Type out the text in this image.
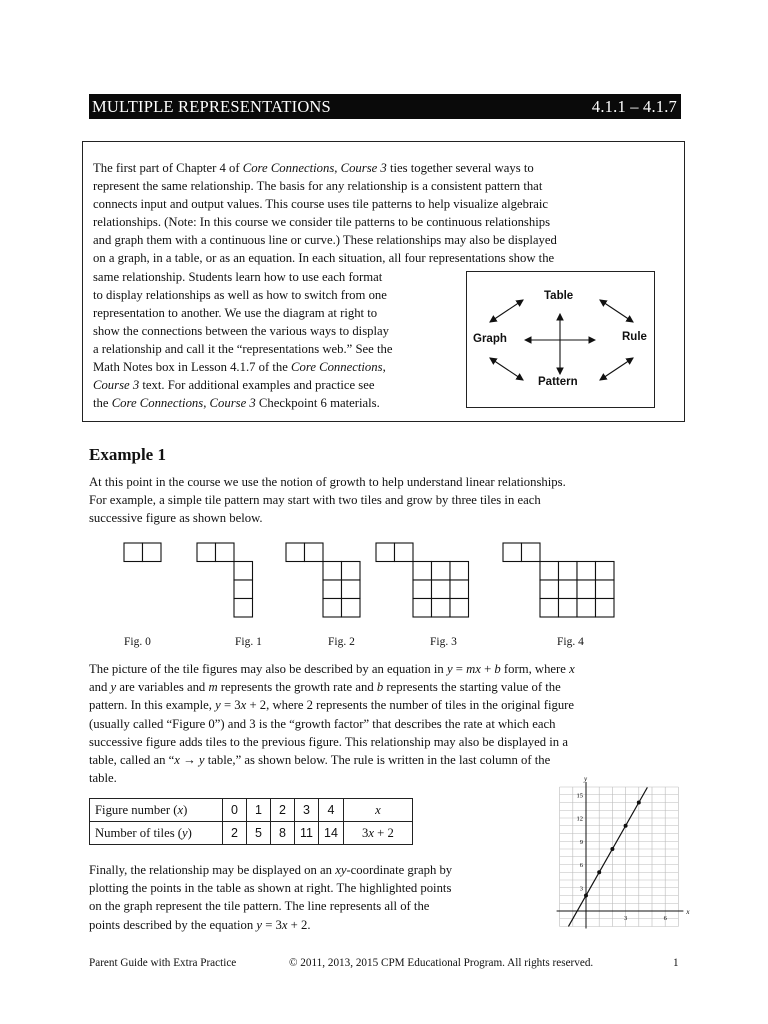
MULTIPLE REPRESENTATIONS	4.1.1 – 4.1.7

The first part of Chapter 4 of Core Connections, Course 3 ties together several ways to
represent the same relationship. The basis for any relationship is a consistent pattern that
connects input and output values. This course uses tile patterns to help visualize algebraic
relationships. (Note: In this course we consider tile patterns to be continuous relationships
and graph them with a continuous line or curve.) These relationships may also be displayed
on a graph, in a table, or as an equation. In each situation, all four representations show the
same relationship. Students learn how to use each format
to display relationships as well as how to switch from one
representation to another. We use the diagram at right to
show the connections between the various ways to display
a relationship and call it the “representations web.” See the
Math Notes box in Lesson 4.1.7 of the Core Connections,
Course 3 text. For additional examples and practice see
the Core Connections, Course 3 Checkpoint 6 materials.

Table
Graph	Rule
Pattern
Example 1

At this point in the course we use the notion of growth to help understand linear relationships.
For example, a simple tile pattern may start with two tiles and grow by three tiles in each
successive figure as shown below.

Fig. 0	Fig. 1	Fig. 2	Fig. 3	Fig. 4

The picture of the tile figures may also be described by an equation in y = mx + b form, where x
and y are variables and m represents the growth rate and b represents the starting value of the
pattern. In this example, y = 3x + 2, where 2 represents the number of tiles in the original figure
(usually called “Figure 0”) and 3 is the “growth factor” that describes the rate at which each
successive figure adds tiles to the previous figure. This relationship may also be displayed in a
table, called an “x → y table,” as shown below. The rule is written in the last column of the
table.

Figure number (x)	0	1	2	3	4	x
Number of tiles (y)	2	5	8	11	14	3x + 2

Finally, the relationship may be displayed on an xy-coordinate graph by
plotting the points in the table as shown at right. The highlighted points
on the graph represent the tile pattern. The line represents all of the
points described by the equation y = 3x + 2.

x
y
3
6
9
12
15
3	6
Parent Guide with Extra Practice	© 2011, 2013, 2015 CPM Educational Program. All rights reserved.	1
